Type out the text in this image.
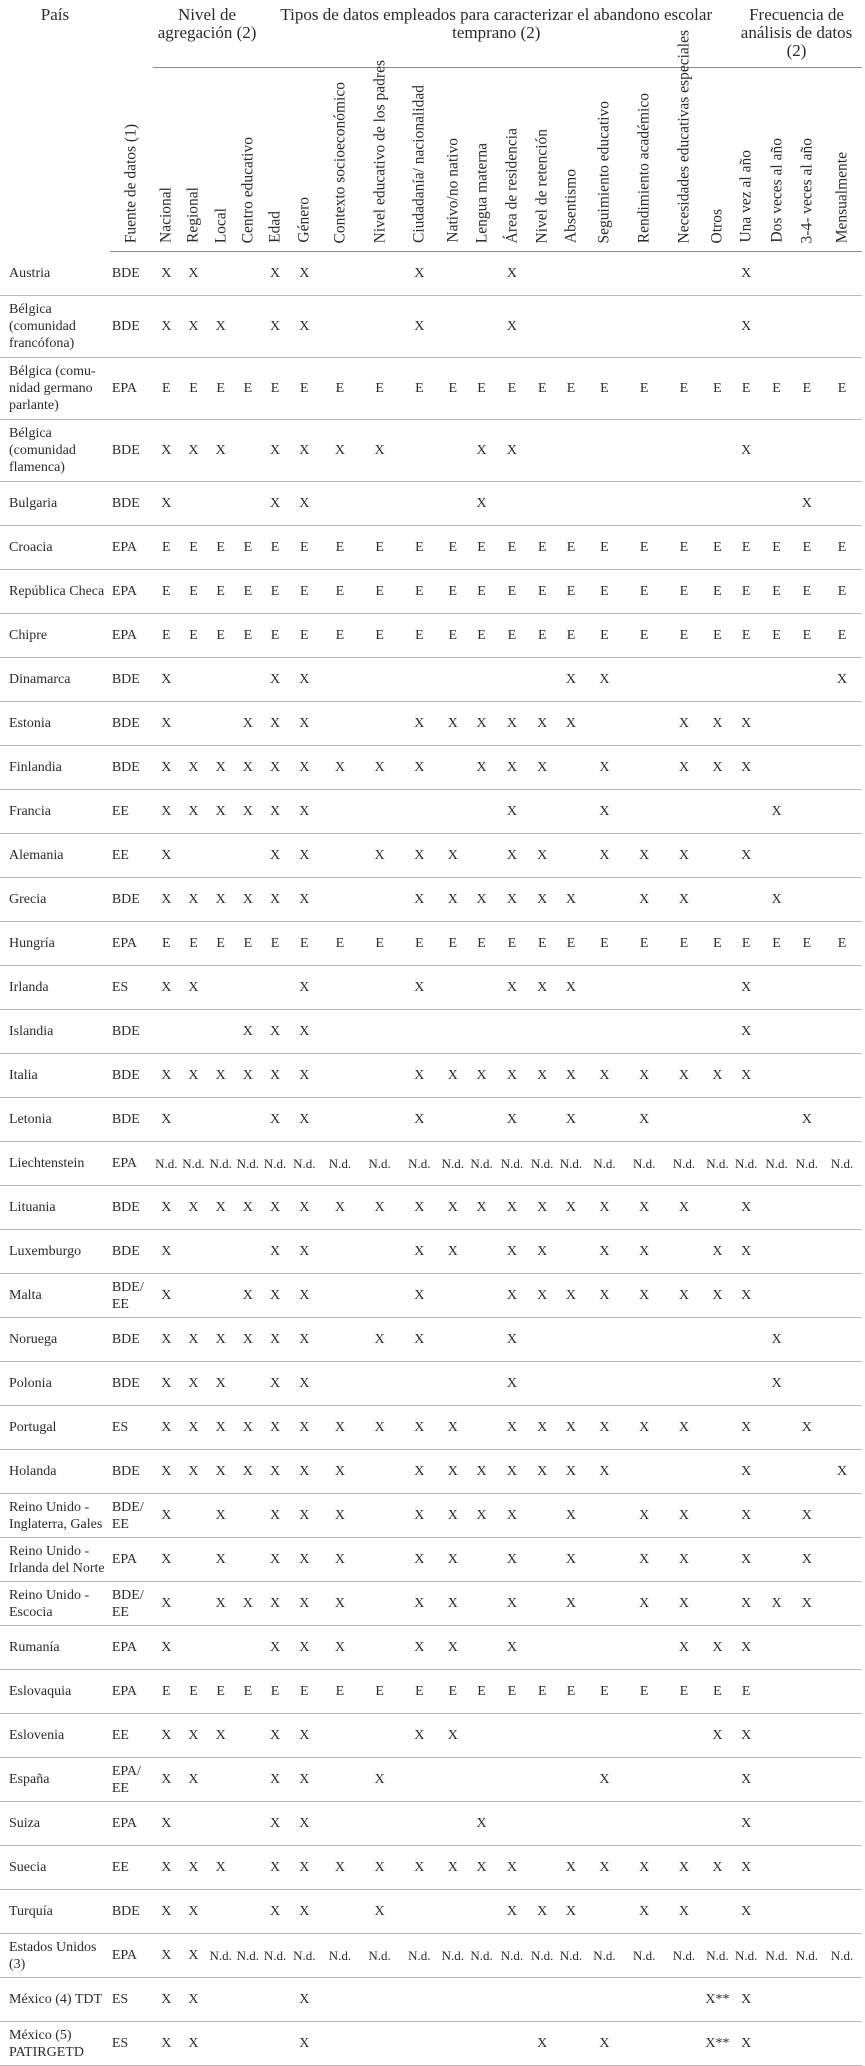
País	Fuente de datos (1)	Nivel de agregación (2)				Tipos de datos empleados para caracterizar el abandono escolar temprano (2)														Frecuencia de análisis de datos (2)			

		Nacional	Regional	Local	Centro educativo	Edad	Género	Contexto socioeconómico	Nivel educativo de los padres	Ciudadanía/ nacionalidad	Nativo/no nativo	Lengua materna	Área de residencia	Nivel de retención	Absentismo	Seguimiento educativo	Rendimiento académico	Necesidades educativas especiales	Otros	Una vez al año	Dos veces al año	3-4- veces al año	Mensualmente

Austria	BDE	X	X			X	X			X			X							X			
Bélgica (comunidad francófona)	BDE	X	X	X		X	X			X			X							X			
Bélgica (comu-nidad germano parlante)	EPA	E	E	E	E	E	E	E	E	E	E	E	E	E	E	E	E	E	E	E	E	E	E
Bélgica (comunidad flamenca)	BDE	X	X	X		X	X	X	X			X	X							X			
Bulgaria	BDE	X				X	X					X										X	
Croacia	EPA	E	E	E	E	E	E	E	E	E	E	E	E	E	E	E	E	E	E	E	E	E	E
República Checa	EPA	E	E	E	E	E	E	E	E	E	E	E	E	E	E	E	E	E	E	E	E	E	E
Chipre	EPA	E	E	E	E	E	E	E	E	E	E	E	E	E	E	E	E	E	E	E	E	E	E
Dinamarca	BDE	X				X	X								X	X							X
Estonia	BDE	X			X	X	X			X	X	X	X	X	X			X	X	X			
Finlandia	BDE	X	X	X	X	X	X	X	X	X		X	X	X		X		X	X	X			
Francia	EE	X	X	X	X	X	X						X			X					X		
Alemania	EE	X				X	X		X	X	X		X	X		X	X	X		X			
Grecia	BDE	X	X	X	X	X	X			X	X	X	X	X	X		X	X			X		
Hungría	EPA	E	E	E	E	E	E	E	E	E	E	E	E	E	E	E	E	E	E	E	E	E	E
Irlanda	ES	X	X				X			X			X	X	X					X			
Islandia	BDE				X	X	X													X			
Italia	BDE	X	X	X	X	X	X			X	X	X	X	X	X	X	X	X	X	X			
Letonia	BDE	X				X	X			X			X		X		X					X	
Liechtenstein	EPA	N.d.	N.d.	N.d.	N.d.	N.d.	N.d.	N.d.	N.d.	N.d.	N.d.	N.d.	N.d.	N.d.	N.d.	N.d.	N.d.	N.d.	N.d.	N.d.	N.d.	N.d.	N.d.
Lituania	BDE	X	X	X	X	X	X	X	X	X	X	X	X	X	X	X	X	X		X			
Luxemburgo	BDE	X				X	X			X	X		X	X		X	X		X	X			
Malta	BDE/ EE	X			X	X	X			X			X	X	X	X	X	X	X	X			
Noruega	BDE	X	X	X	X	X	X		X	X			X								X		
Polonia	BDE	X	X	X		X	X						X								X		
Portugal	ES	X	X	X	X	X	X	X	X	X	X		X	X	X	X	X	X		X		X	
Holanda	BDE	X	X	X	X	X	X	X		X	X	X	X	X	X	X				X			X
Reino Unido - Inglaterra, Gales	BDE/ EE	X		X		X	X	X		X	X	X	X		X		X	X		X		X	
Reino Unido - Irlanda del Norte	EPA	X		X		X	X	X		X	X		X		X		X	X		X		X	
Reino Unido - Escocia	BDE/ EE	X		X	X	X	X	X		X	X		X		X		X	X		X	X	X	
Rumanía	EPA	X				X	X	X		X	X		X					X	X	X			
Eslovaquia	EPA	E	E	E	E	E	E	E	E	E	E	E	E	E	E	E	E	E	E	E			
Eslovenia	EE	X	X	X		X	X			X	X								X	X			
España	EPA/ EE	X	X			X	X		X							X				X			
Suiza	EPA	X				X	X					X								X			
Suecia	EE	X	X	X		X	X	X	X	X	X	X	X		X	X	X	X	X	X			
Turquía	BDE	X	X			X	X		X				X	X	X		X	X		X			
Estados Unidos (3)	EPA	X	X	N.d.	N.d.	N.d.	N.d.	N.d.	N.d.	N.d.	N.d.	N.d.	N.d.	N.d.	N.d.	N.d.	N.d.	N.d.	N.d.	N.d.	N.d.	N.d.	N.d.
México (4) TDT	ES	X	X				X												X**	X			
México (5) PATIRGETD	ES	X	X				X							X		X			X**	X			
